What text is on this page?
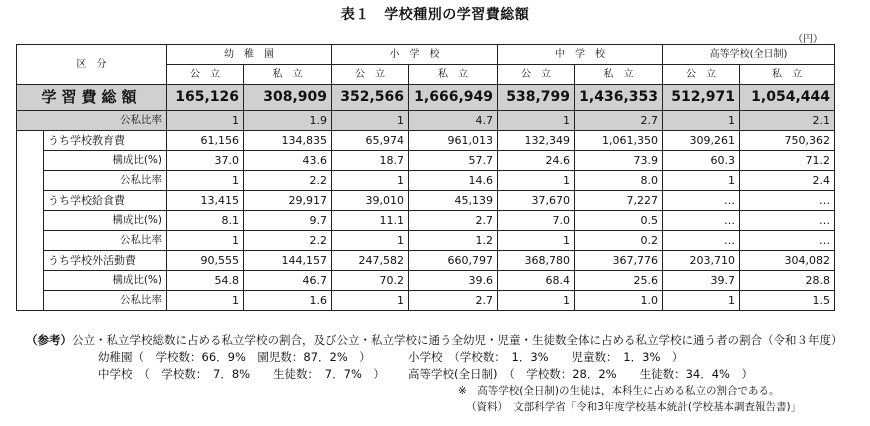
表１　学校種別の学習費総額
（円）
区　分		幼　稚　園		小　学　校		中　学　校		高等学校(全日制)	
		公　立	私　立	公　立	私　立	公　立	私　立	公　立	私　立
学習費総額		165,126	308,909	352,566	1,666,949	538,799	1,436,353	512,971	1,054,444
公私比率		1	1.9	1	4.7	1	2.7	1	2.1
	うち学校教育費	61,156	134,835	65,974	961,013	132,349	1,061,350	309,261	750,362
	構成比(%)	37.0	43.6	18.7	57.7	24.6	73.9	60.3	71.2
	公私比率	1	2.2	1	14.6	1	8.0	1	2.4
	うち学校給食費	13,415	29,917	39,010	45,139	37,670	7,227	…	…
	構成比(%)	8.1	9.7	11.1	2.7	7.0	0.5	…	…
	公私比率	1	2.2	1	1.2	1	0.2	…	…
	うち学校外活動費	90,555	144,157	247,582	660,797	368,780	367,776	203,710	304,082
	構成比(%)	54.8	46.7	70.2	39.6	68.4	25.6	39.7	28.8
	公私比率	1	1.6	1	2.7	1	1.0	1	1.5
（参考）公立・私立学校総数に占める私立学校の割合，及び公立・私立学校に通う全幼児・児童・生徒数全体に占める私立学校に通う者の割合（令和３年度）
幼稚園（　学校数：66．9%　園児数：87．2%　）	小学校　（学校数：　1．3%　　児童数：　1．3%　）
中学校　（　学校数：　7．8%　　生徒数：　7．7%　） 高等学校(全日制)　（　学校数：28．2%　　生徒数：34．4%　）
※　高等学校(全日制)の生徒は，本科生に占める私立の割合である。
（資料）　文部科学省「令和3年度学校基本統計(学校基本調査報告書)」
